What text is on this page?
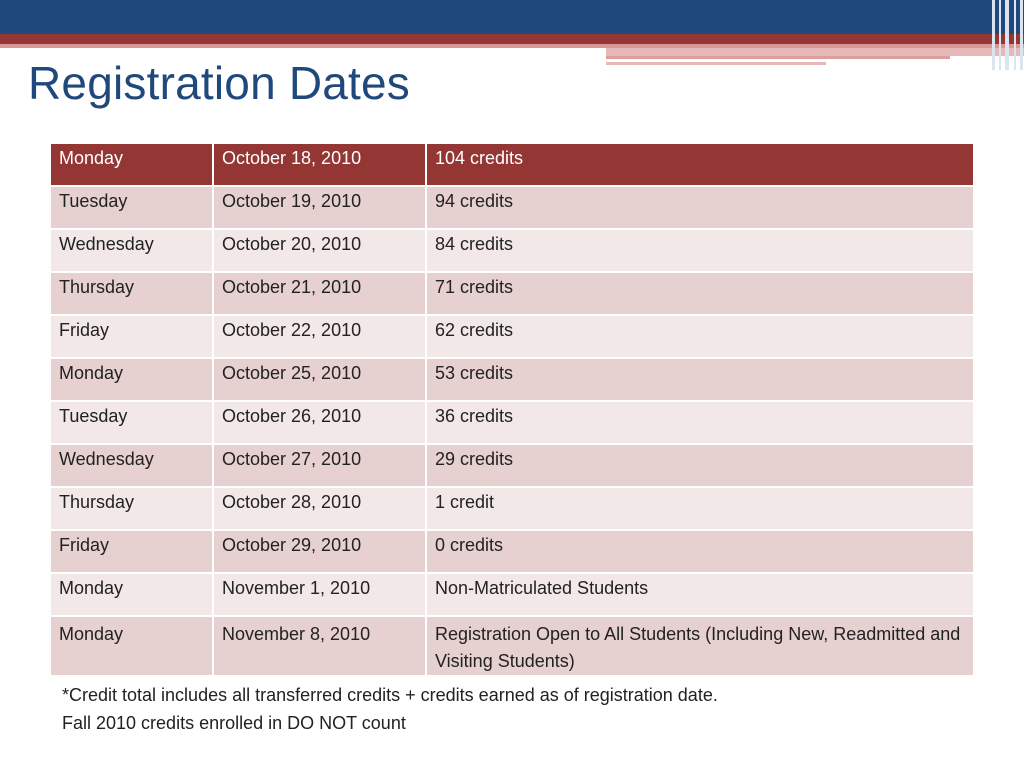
Registration Dates
Monday	October 18, 2010	104 credits
Tuesday	October 19, 2010	94 credits
Wednesday	October 20, 2010	84 credits
Thursday	October 21, 2010	71 credits
Friday	October 22, 2010	62 credits
Monday	October 25, 2010	53 credits
Tuesday	October 26, 2010	36 credits
Wednesday	October 27, 2010	29 credits
Thursday	October 28, 2010	1 credit
Friday	October 29, 2010	0 credits
Monday	November 1, 2010	Non-Matriculated Students
Monday	November 8, 2010	Registration Open to All Students (Including New, Readmitted and Visiting Students)
*Credit total includes all transferred credits + credits earned as of registration date.
Fall 2010 credits enrolled in DO NOT count
